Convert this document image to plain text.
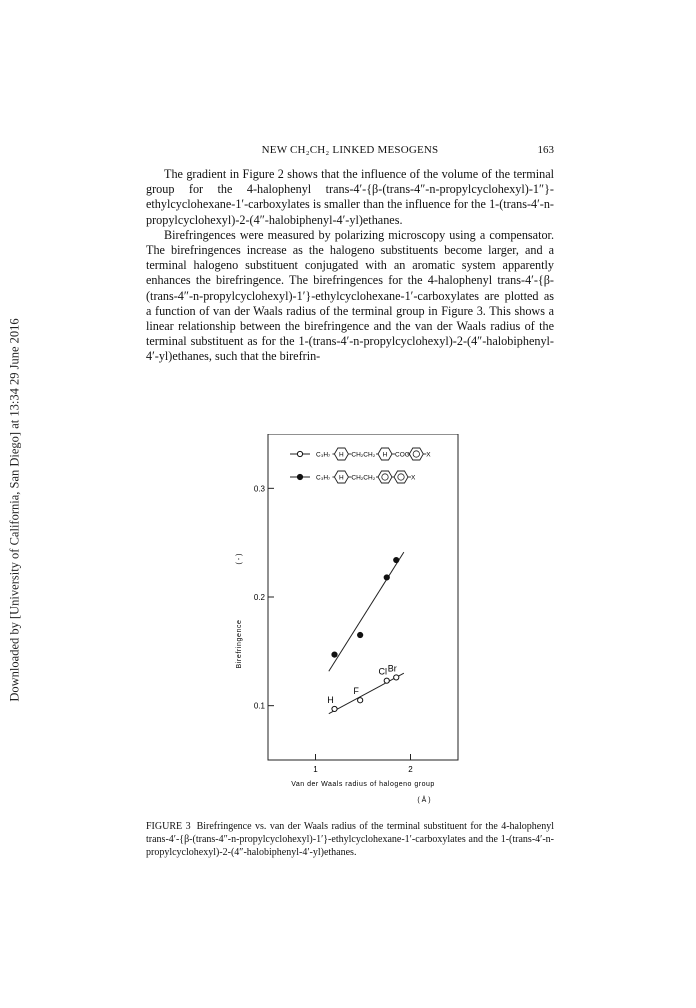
Downloaded by [University of California, San Diego] at 13:34 29 June 2016
NEW CH₂CH₂ LINKED MESOGENS	163

The gradient in Figure 2 shows that the influence of the volume of the terminal group for the 4-halophenyl trans-4′-{β-(trans-4″-n-propylcyclohexyl)-1″}-ethylcyclohexane-1′-carboxylates is smaller than the influence for the 1-(trans-4′-n-propylcyclohexyl)-2-(4″-halobiphenyl-4′-yl)ethanes.

Birefringences were measured by polarizing microscopy using a compensator. The birefringences increase as the halogeno substituents become larger, and a terminal halogeno substituent conjugated with an aromatic system apparently enhances the birefringence. The birefringences for the 4-halophenyl trans-4′-{β-(trans-4″-n-propylcyclohexyl)-1′}-ethylcyclohexane-1′-carboxylates are plotted as a function of van der Waals radius of the terminal group in Figure 3. This shows a linear relationship between the birefringence and the van der Waals radius of the terminal substituent as for the 1-(trans-4′-n-propylcyclohexyl)-2-(4″-halobiphenyl-4′-yl)ethanes, such that the birefrin-

C₃H₇ H CH₂CH₂ H COO	X
C₃H₇ H CH₂CH₂	X
0.1
0.2
0.3
1	2
H
F
Cl Br
Van der Waals radius of halogeno group
( Å )
Birefringence
( - )
FIGURE 3 Birefringence vs. van der Waals radius of the terminal substituent for the 4-halophenyl trans-4′-{β-(trans-4″-n-propylcyclohexyl)-1′}-ethylcyclohexane-1′-carboxylates and the 1-(trans-4′-n-propylcyclohexyl)-2-(4″-halobiphenyl-4′-yl)ethanes.
